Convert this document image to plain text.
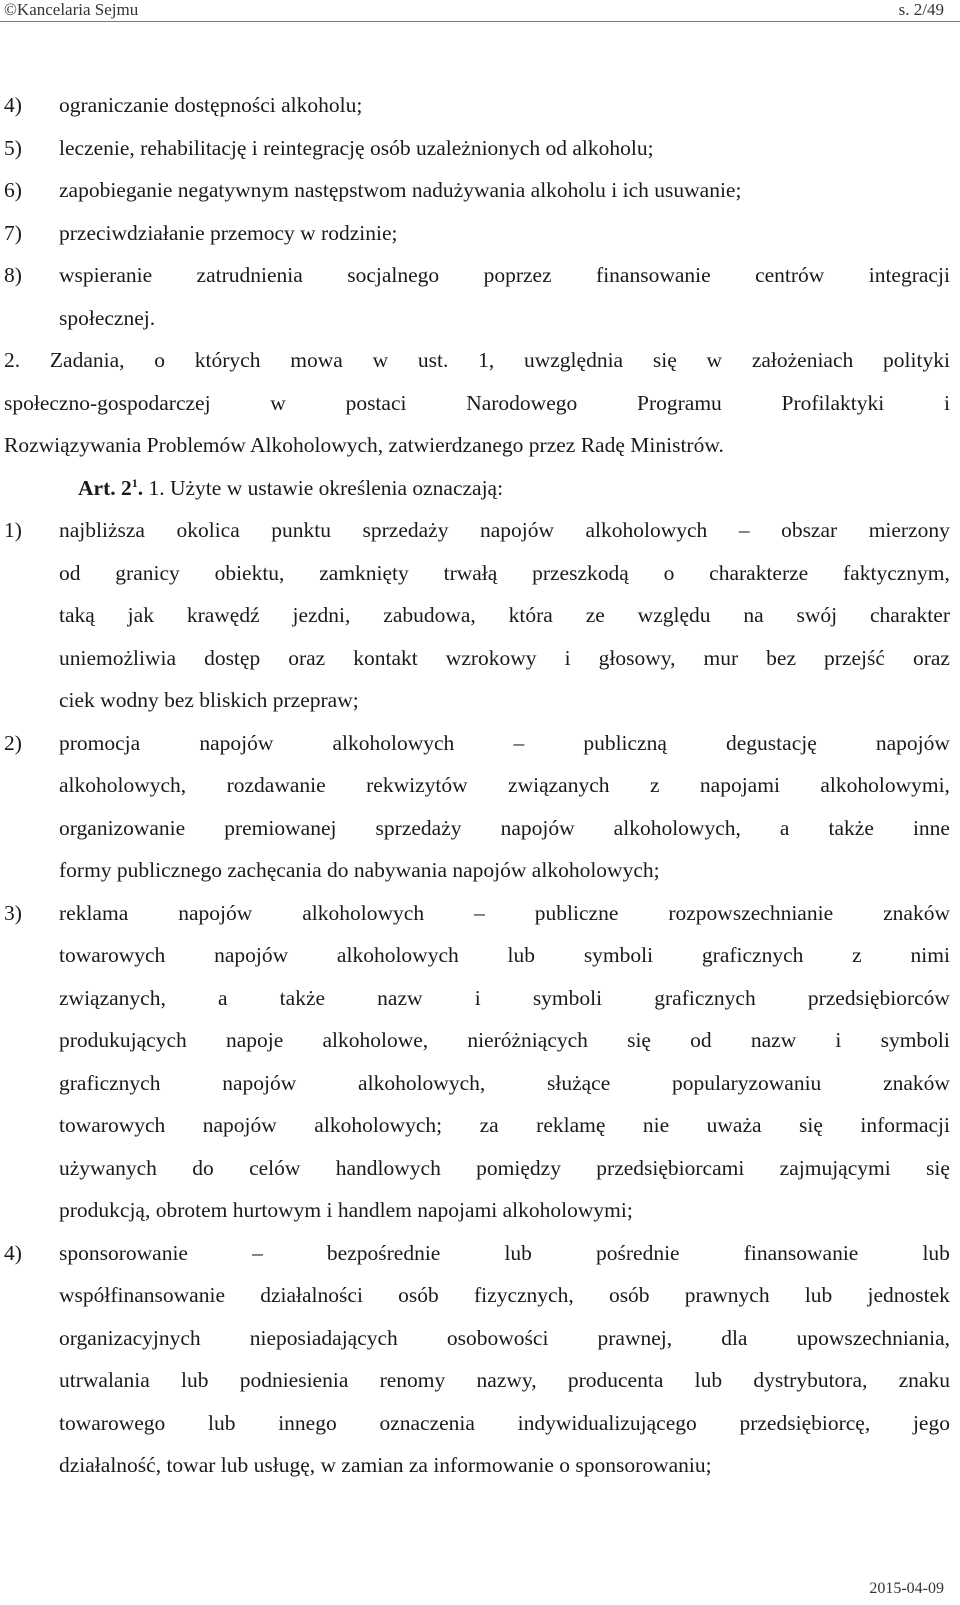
©Kancelaria Sejmu	s. 2/49
4) ograniczanie dostępności alkoholu;
5) leczenie, rehabilitację i reintegrację osób uzależnionych od alkoholu;
6) zapobieganie negatywnym następstwom nadużywania alkoholu i ich usuwanie;
7) przeciwdziałanie przemocy w rodzinie;
8)	wspieranie zatrudnienia socjalnego poprzez finansowanie centrów integracji
społecznej.
2. Zadania, o których mowa w ust. 1, uwzględnia się w założeniach polityki
społeczno-gospodarczej	w	postaci	Narodowego	Programu	Profilaktyki	i
Rozwiązywania Problemów Alkoholowych, zatwierdzanego przez Radę Ministrów.
Art. $2^1$. 1. Użyte w ustawie określenia oznaczają:
1)	najbliższa okolica punktu sprzedaży napojów alkoholowych – obszar mierzony
od granicy obiektu, zamknięty trwałą przeszkodą o charakterze faktycznym,
taką jak krawędź jezdni, zabudowa, która ze względu na swój charakter
uniemożliwia dostęp oraz kontakt wzrokowy i głosowy, mur bez przejść oraz
ciek wodny bez bliskich przepraw;
2)	promocja	napojów	alkoholowych	–	publiczną	degustację	napojów
alkoholowych, rozdawanie rekwizytów związanych z napojami alkoholowymi,
organizowanie premiowanej sprzedaży napojów alkoholowych, a także inne
formy publicznego zachęcania do nabywania napojów alkoholowych;
3)	reklama napojów alkoholowych – publiczne rozpowszechnianie znaków
towarowych napojów alkoholowych lub symboli graficznych z nimi
związanych, a także nazw i symboli graficznych przedsiębiorców
produkujących napoje alkoholowe, nieróżniących się od nazw i symboli
graficznych	napojów	alkoholowych,	służące	popularyzowaniu	znaków
towarowych napojów alkoholowych; za reklamę nie uważa się informacji
używanych do celów handlowych pomiędzy przedsiębiorcami zajmującymi się
produkcją, obrotem hurtowym i handlem napojami alkoholowymi;
4)	sponsorowanie	–	bezpośrednie	lub	pośrednie	finansowanie	lub
współfinansowanie działalności osób fizycznych, osób prawnych lub jednostek
organizacyjnych nieposiadających osobowości prawnej, dla upowszechniania,
utrwalania lub podniesienia renomy nazwy, producenta lub dystrybutora, znaku
towarowego lub innego oznaczenia indywidualizującego przedsiębiorcę, jego
działalność, towar lub usługę, w zamian za informowanie o sponsorowaniu;
2015-04-09
